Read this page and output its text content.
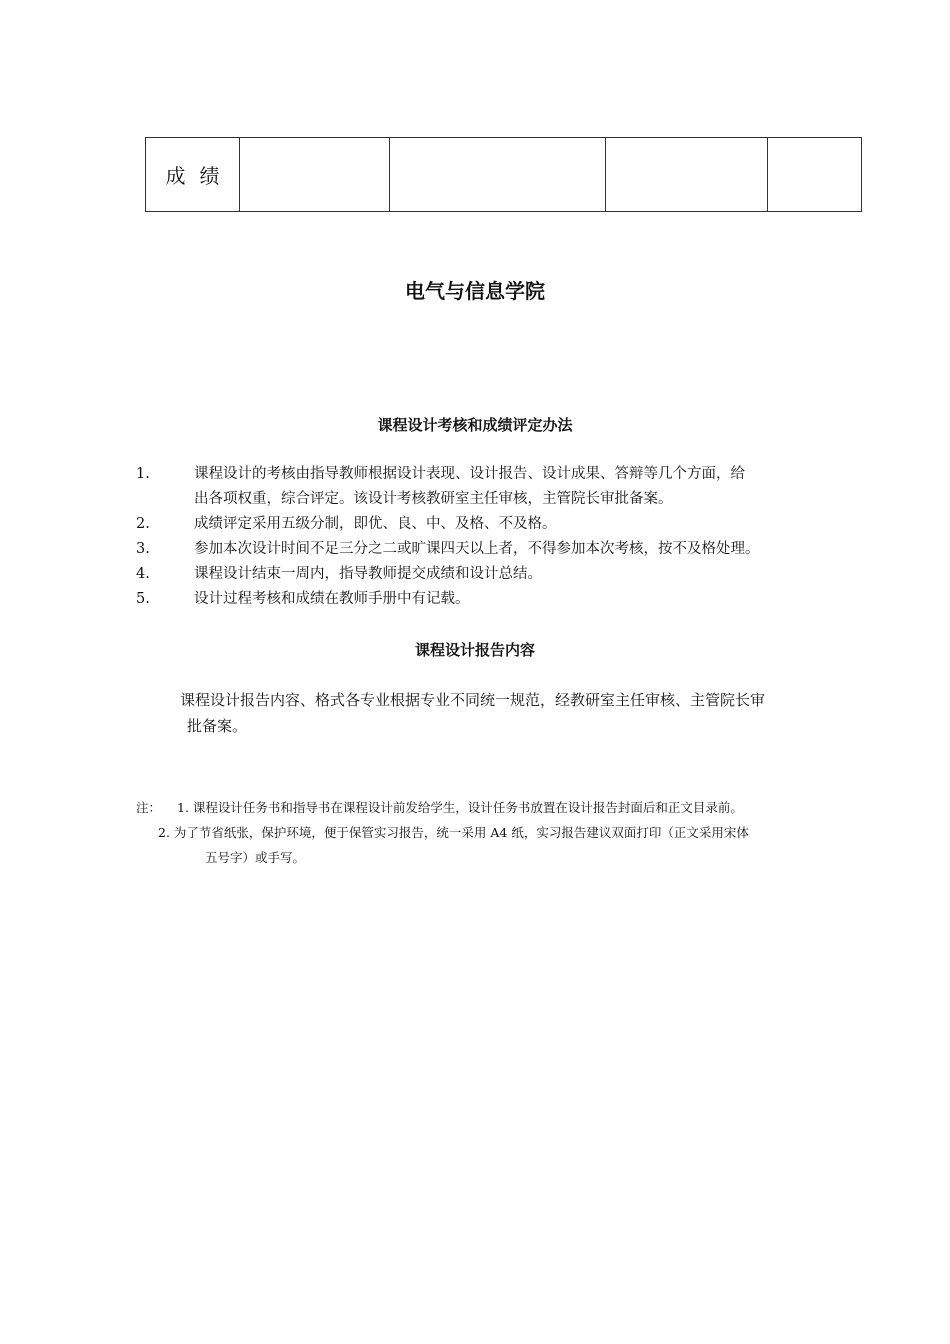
成绩				
电气与信息学院
课程设计考核和成绩评定办法
1.	课程设计的考核由指导教师根据设计表现、设计报告、设计成果、答辩等几个方面，给
出各项权重，综合评定。该设计考核教研室主任审核，主管院长审批备案。
2.	成绩评定采用五级分制，即优、良、中、及格、不及格。
3.	参加本次设计时间不足三分之二或旷课四天以上者，不得参加本次考核，按不及格处理。
4.	课程设计结束一周内，指导教师提交成绩和设计总结。
5.	设计过程考核和成绩在教师手册中有记载。
课程设计报告内容
课程设计报告内容、格式各专业根据专业不同统一规范，经教研室主任审核、主管院长审
批备案。
注： 1. 课程设计任务书和指导书在课程设计前发给学生，设计任务书放置在设计报告封面后和正文目录前。
2. 为了节省纸张，保护环境，便于保管实习报告，统一采用 A4 纸，实习报告建议双面打印（正文采用宋体
五号字）或手写。
